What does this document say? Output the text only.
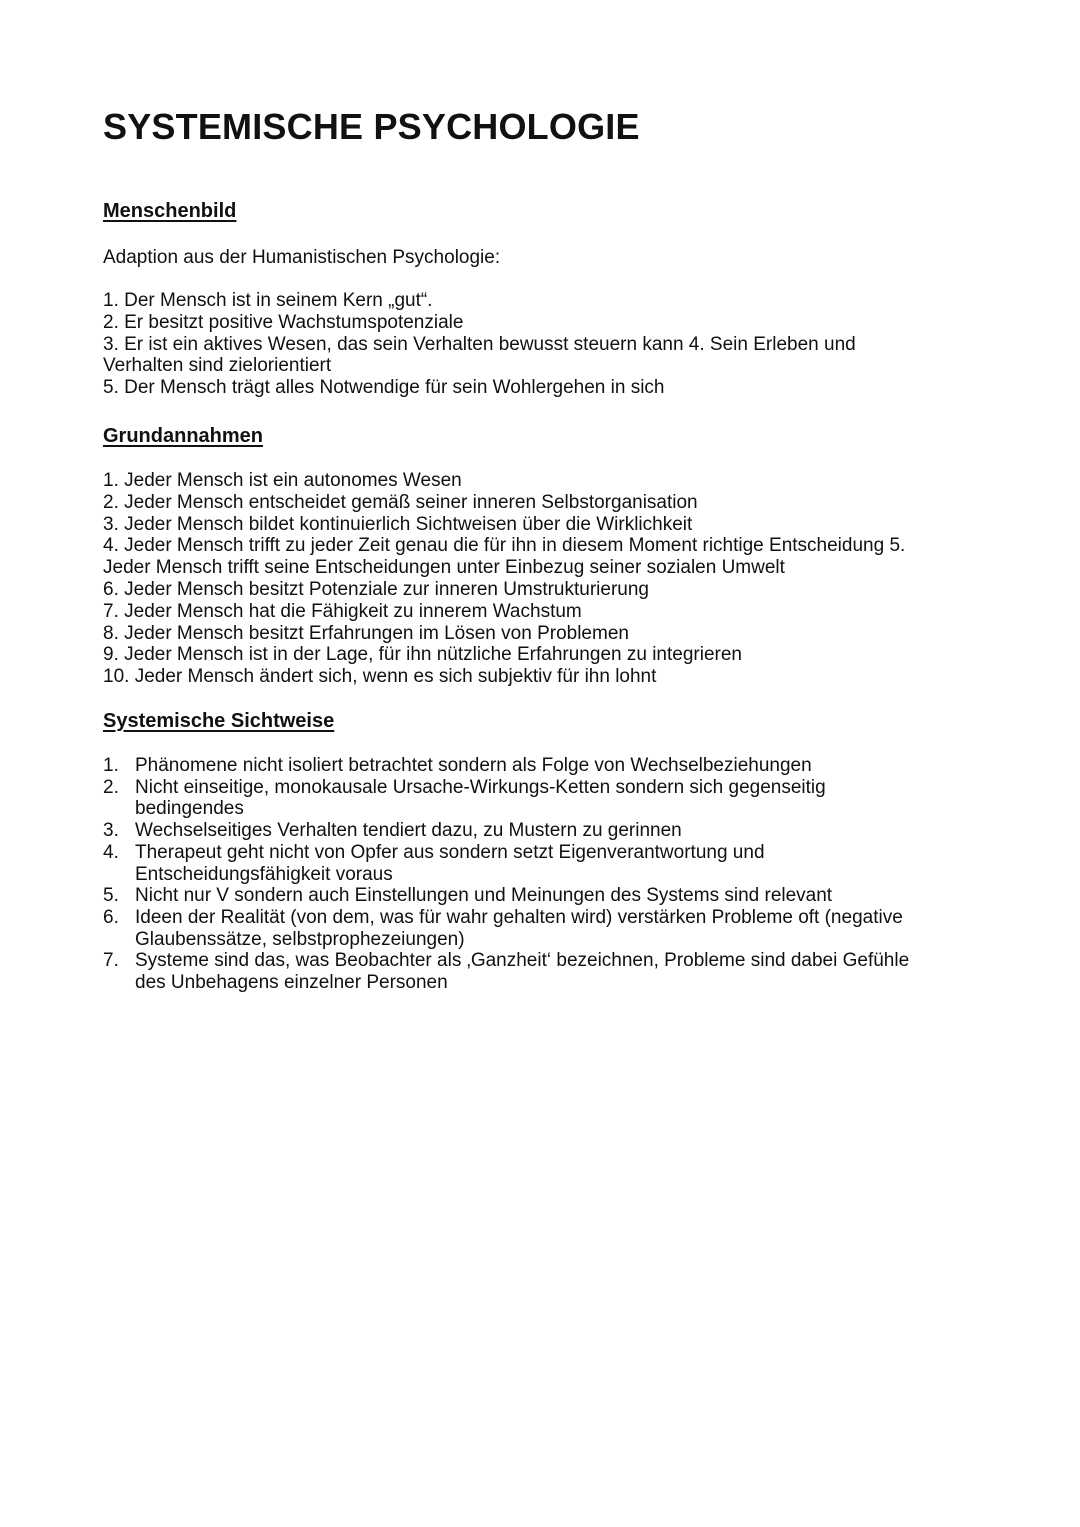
SYSTEMISCHE PSYCHOLOGIE
Menschenbild

Adaption aus der Humanistischen Psychologie:

1. Der Mensch ist in seinem Kern „gut“.
2. Er besitzt positive Wachstumspotenziale
3. Er ist ein aktives Wesen, das sein Verhalten bewusst steuern kann 4. Sein Erleben und
Verhalten sind zielorientiert
5. Der Mensch trägt alles Notwendige für sein Wohlergehen in sich
Grundannahmen
1. Jeder Mensch ist ein autonomes Wesen
2. Jeder Mensch entscheidet gemäß seiner inneren Selbstorganisation
3. Jeder Mensch bildet kontinuierlich Sichtweisen über die Wirklichkeit
4. Jeder Mensch trifft zu jeder Zeit genau die für ihn in diesem Moment richtige Entscheidung 5.
Jeder Mensch trifft seine Entscheidungen unter Einbezug seiner sozialen Umwelt
6. Jeder Mensch besitzt Potenziale zur inneren Umstrukturierung
7. Jeder Mensch hat die Fähigkeit zu innerem Wachstum
8. Jeder Mensch besitzt Erfahrungen im Lösen von Problemen
9. Jeder Mensch ist in der Lage, für ihn nützliche Erfahrungen zu integrieren
10. Jeder Mensch ändert sich, wenn es sich subjektiv für ihn lohnt
Systemische Sichtweise
1. Phänomene nicht isoliert betrachtet sondern als Folge von Wechselbeziehungen
2. Nicht einseitige, monokausale Ursache-Wirkungs-Ketten sondern sich gegenseitig
bedingendes
3. Wechselseitiges Verhalten tendiert dazu, zu Mustern zu gerinnen
4. Therapeut geht nicht von Opfer aus sondern setzt Eigenverantwortung und
Entscheidungsfähigkeit voraus
5. Nicht nur V sondern auch Einstellungen und Meinungen des Systems sind relevant
6. Ideen der Realität (von dem, was für wahr gehalten wird) verstärken Probleme oft (negative
Glaubenssätze, selbstprophezeiungen)
7. Systeme sind das, was Beobachter als ‚Ganzheit‘ bezeichnen, Probleme sind dabei Gefühle
des Unbehagens einzelner Personen
